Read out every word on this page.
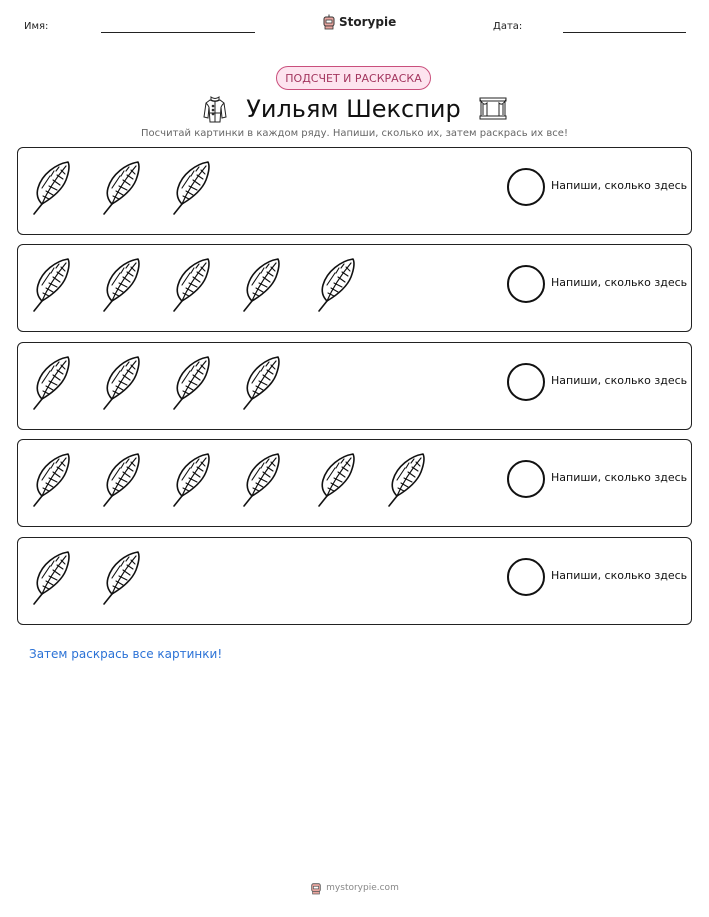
Имя:	Storypie	Дата:
ПОДСЧЕТ И РАСКРАСКА
Уильям Шекспир
Посчитай картинки в каждом ряду. Напиши, сколько их, затем раскрась их все!
Напиши, сколько здесь
Напиши, сколько здесь
Напиши, сколько здесь
Напиши, сколько здесь
Напиши, сколько здесь
Затем раскрась все картинки!
mystorypie.com
